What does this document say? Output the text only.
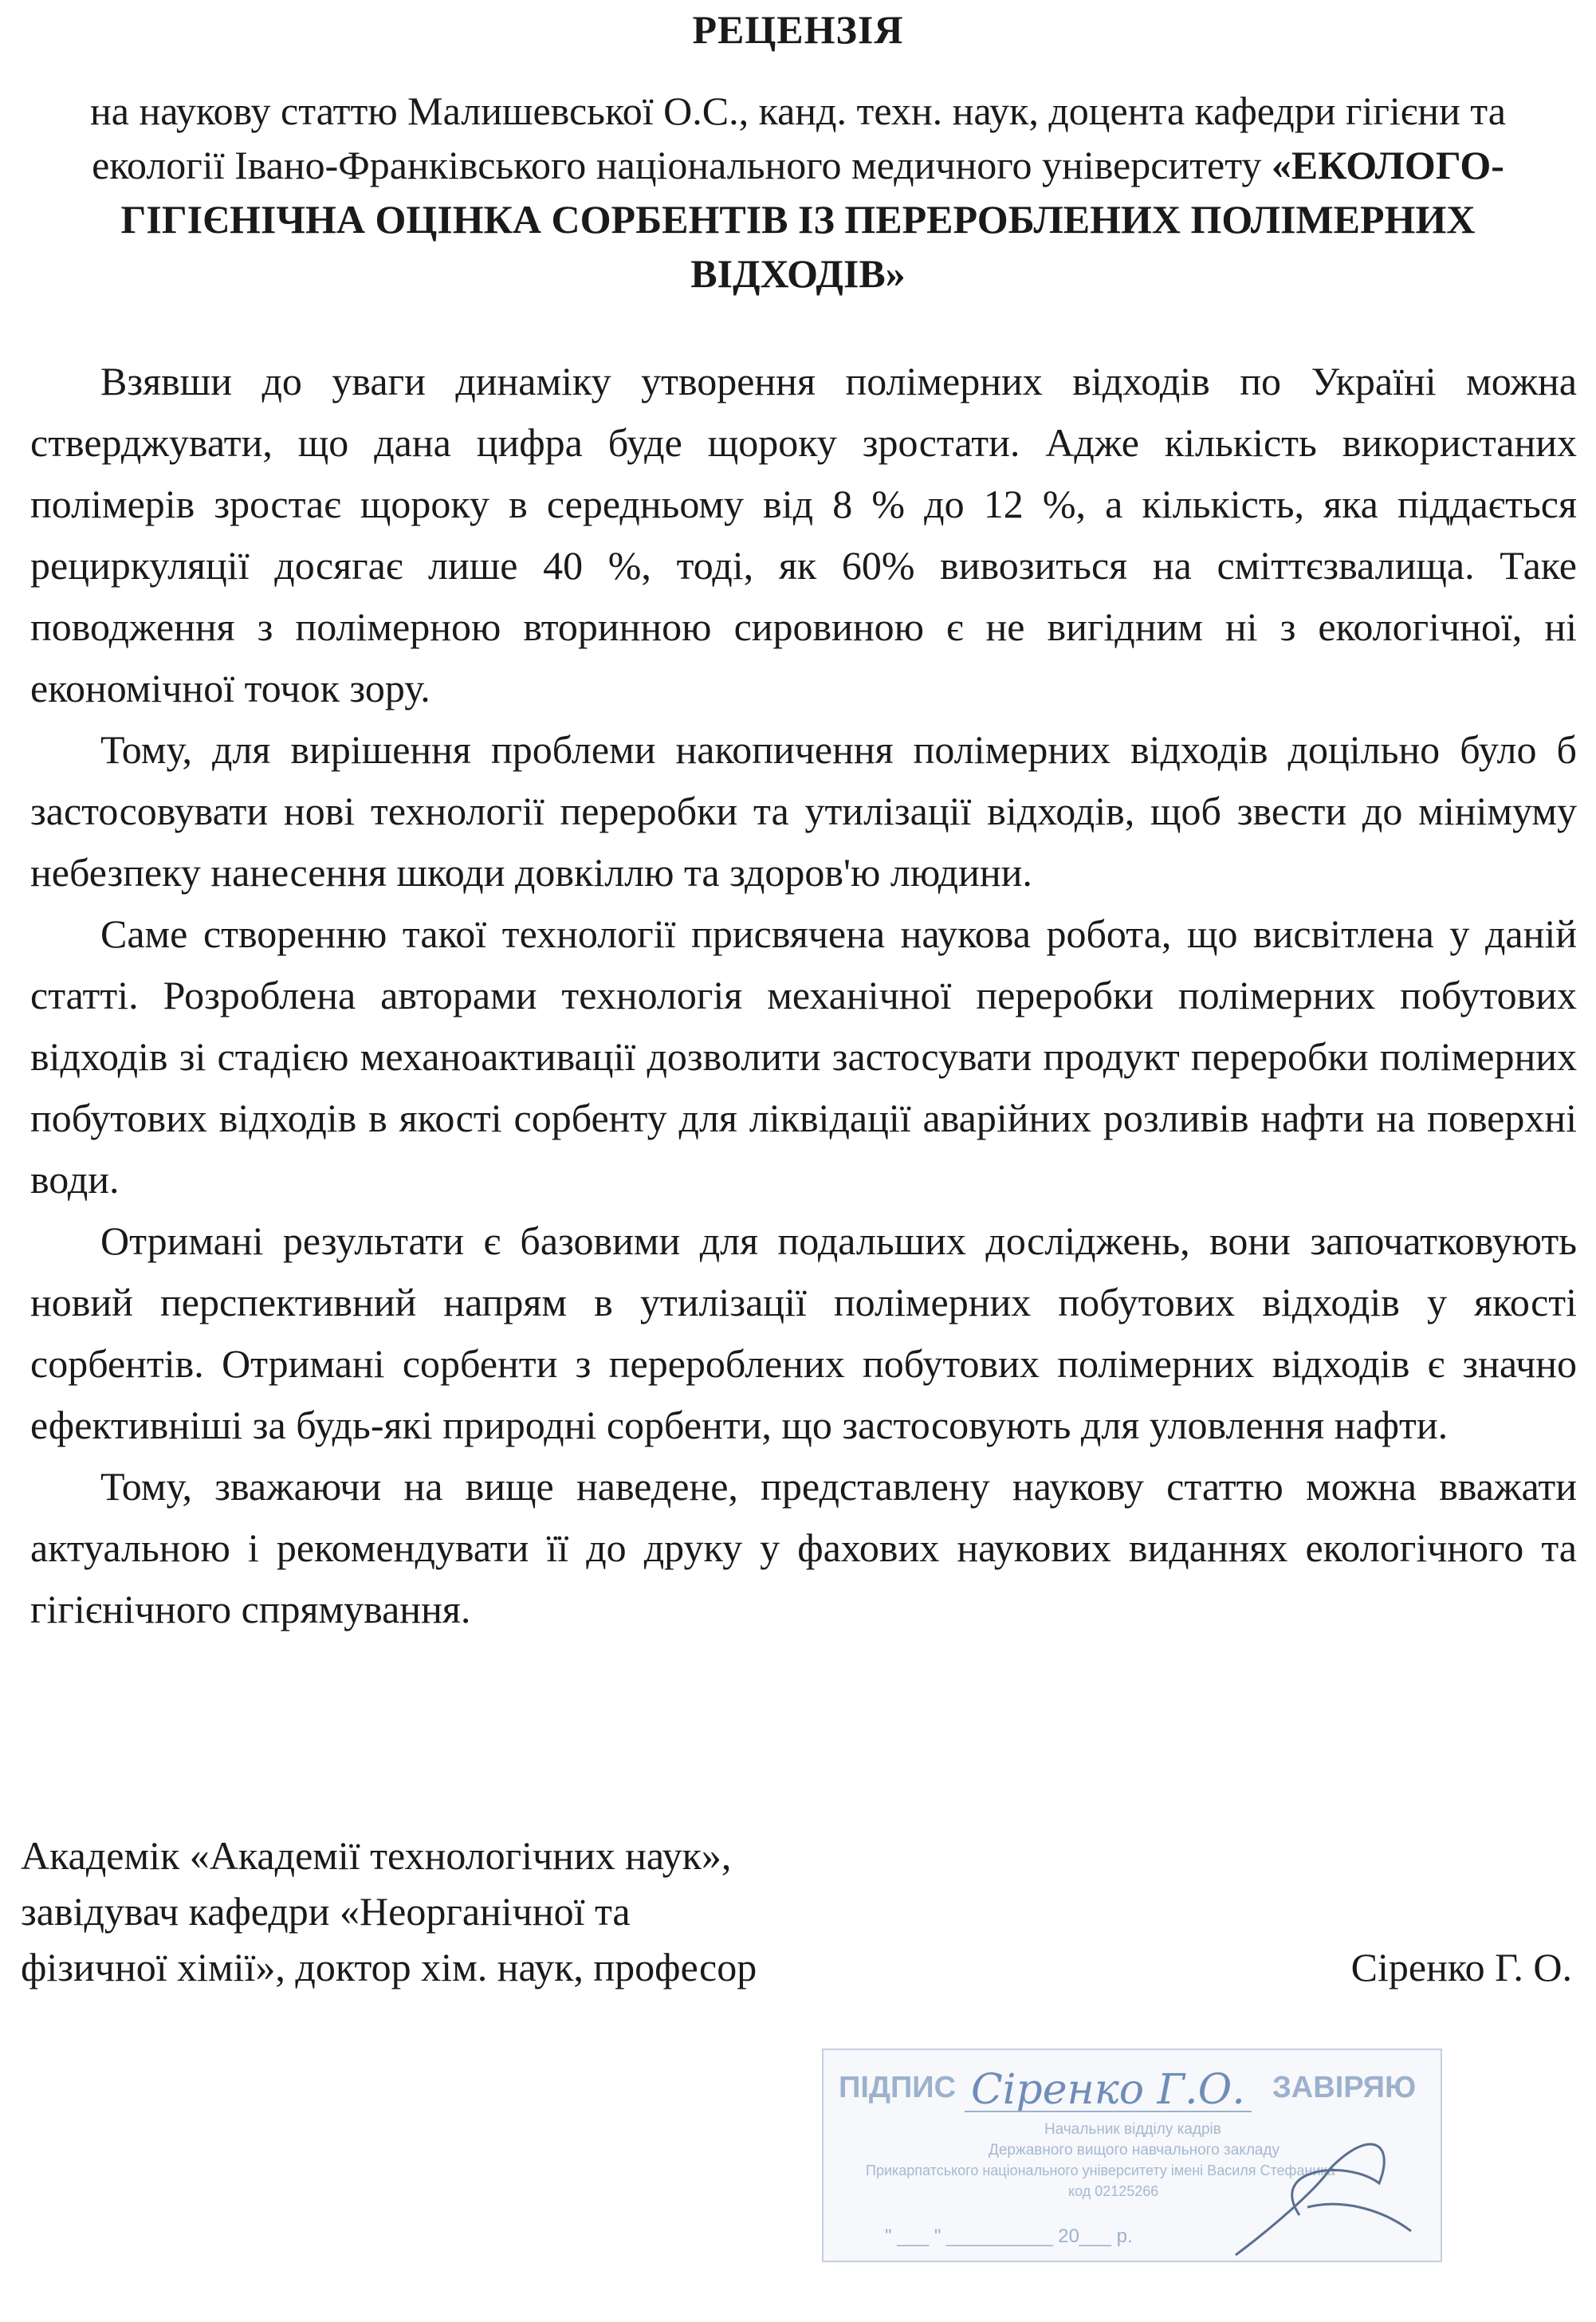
РЕЦЕНЗІЯ
на наукову статтю Малишевської О.С., канд. техн. наук, доцента кафедри гігієни та екології Івано-Франківського національного медичного університету «ЕКОЛОГО-ГІГІЄНІЧНА ОЦІНКА СОРБЕНТІВ ІЗ ПЕРЕРОБЛЕНИХ ПОЛІМЕРНИХ ВІДХОДІВ»

Взявши до уваги динаміку утворення полімерних відходів по Україні можна стверджувати, що дана цифра буде щороку зростати. Адже кількість використаних полімерів зростає щороку в середньому від 8 % до 12 %, а кількість, яка піддається рециркуляції досягає лише 40 %, тоді, як 60% вивозиться на сміттєзвалища. Таке поводження з полімерною вторинною сировиною є не вигідним ні з екологічної, ні економічної точок зору.

Тому, для вирішення проблеми накопичення полімерних відходів доцільно було б застосовувати нові технології переробки та утилізації відходів, щоб звести до мінімуму небезпеку нанесення шкоди довкіллю та здоров'ю людини.

Саме створенню такої технології присвячена наукова робота, що висвітлена у даній статті. Розроблена авторами технологія механічної переробки полімерних побутових відходів зі стадією механоактивації дозволити застосувати продукт переробки полімерних побутових відходів в якості сорбенту для ліквідації аварійних розливів нафти на поверхні води.

Отримані результати є базовими для подальших досліджень, вони започатковують новий перспективний напрям в утилізації полімерних побутових відходів у якості сорбентів. Отримані сорбенти з перероблених побутових полімерних відходів є значно ефективніші за будь-які природні сорбенти, що застосовують для уловлення нафти.

Тому, зважаючи на вище наведене, представлену наукову статтю можна вважати актуальною і рекомендувати її до друку у фахових наукових виданнях екологічного та гігієнічного спрямування.

Академік «Академії технологічних наук»,
завідувач кафедри «Неорганічної та
фізичної хімії», доктор хім. наук, професор	Сіренко Г. О.
ПІДПИС Сіренко Г.О. ЗАВІРЯЮ
Начальник відділу кадрів
Державного вищого навчального закладу
Прикарпатського національного університету імені Василя Стефаника
код 02125266
" ___ " __________ 20___ р.
